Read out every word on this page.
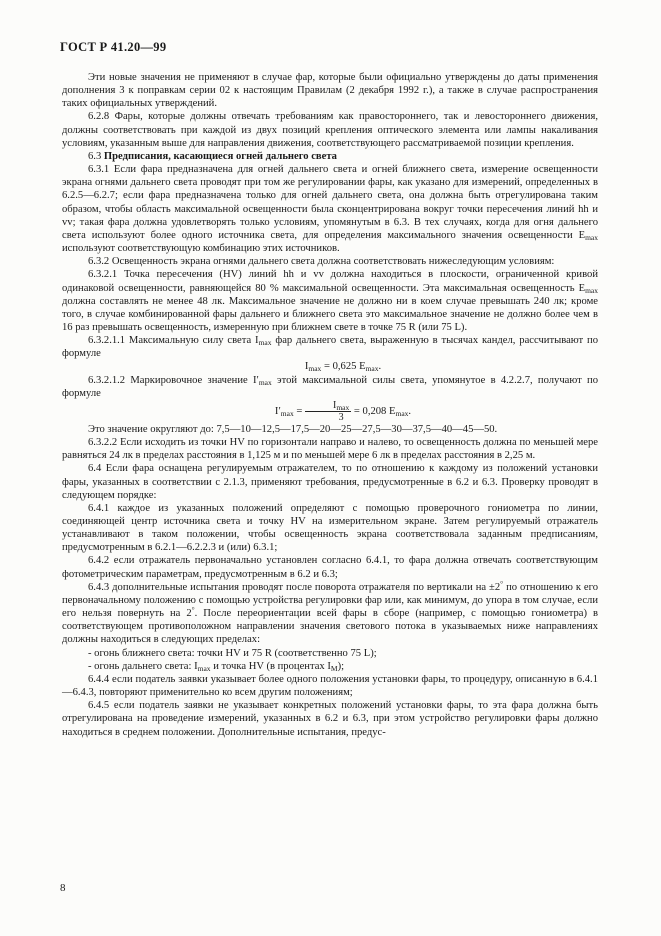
ГОСТ Р 41.20—99

Эти новые значения не применяют в случае фар, которые были официально утверждены до даты применения дополнения 3 к поправкам серии 02 к настоящим Правилам (2 декабря 1992 г.), а также в случае распространения таких официальных утверждений.

6.2.8 Фары, которые должны отвечать требованиям как правостороннего, так и левостороннего движения, должны соответствовать при каждой из двух позиций крепления оптического элемента или лампы накаливания условиям, указанным выше для направления движения, соответствующего рассматриваемой позиции крепления.

6.3 Предписания, касающиеся огней дальнего света

6.3.1 Если фара предназначена для огней дальнего света и огней ближнего света, измерение освещенности экрана огнями дальнего света проводят при том же регулировании фары, как указано для измерений, определенных в 6.2.5—6.2.7; если фара предназначена только для огней дальнего света, она должна быть отрегулирована таким образом, чтобы область максимальной освещенности была сконцентрирована вокруг точки пересечения линий hh и vv; такая фара должна удовлетворять только условиям, упомянутым в 6.3. В тех случаях, когда для огня дальнего света используют более одного источника света, для определения максимального значения освещенности $E_{max}$ используют соответствующую комбинацию этих источников.

6.3.2 Освещенность экрана огнями дальнего света должна соответствовать нижеследующим условиям:

6.3.2.1 Точка пересечения (HV) линий hh и vv должна находиться в плоскости, ограниченной кривой одинаковой освещенности, равняющейся 80 % максимальной освещенности. Эта максимальная освещенность $E_{max}$ должна составлять не менее 48 лк. Максимальное значение не должно ни в коем случае превышать 240 лк; кроме того, в случае комбинированной фары дальнего и ближнего света это максимальное значение не должно более чем в 16 раз превышать освещенность, измеренную при ближнем свете в точке 75 R (или 75 L).

6.3.2.1.1 Максимальную силу света $I_{max}$ фар дальнего света, выраженную в тысячах кандел, рассчитывают по формуле

$I_{max} = 0,625$ $E_{max}$.

6.3.2.1.2 Маркировочное значение $I'_{max}$ этой максимальной силы света, упомянутое в 4.2.2.7, получают по формуле

$I'_{max} = \frac{I_{max}}{3} = 0,208$ $E_{max}$.

Это значение округляют до: 7,5—10—12,5—17,5—20—25—27,5—30—37,5—40—45—50.

6.3.2.2 Если исходить из точки HV по горизонтали направо и налево, то освещенность должна по меньшей мере равняться 24 лк в пределах расстояния в 1,125 м и по меньшей мере 6 лк в пределах расстояния в 2,25 м.

6.4 Если фара оснащена регулируемым отражателем, то по отношению к каждому из положений установки фары, указанных в соответствии с 2.1.3, применяют требования, предусмотренные в 6.2 и 6.3. Проверку проводят в следующем порядке:

6.4.1 каждое из указанных положений определяют с помощью проверочного гониометра по линии, соединяющей центр источника света и точку HV на измерительном экране. Затем регулируемый отражатель устанавливают в таком положении, чтобы освещенность экрана соответствовала заданным предписаниям, предусмотренным в 6.2.1—6.2.2.3 и (или) 6.3.1;

6.4.2 если отражатель первоначально установлен согласно 6.4.1, то фара должна отвечать соответствующим фотометрическим параметрам, предусмотренным в 6.2 и 6.3;

6.4.3 дополнительные испытания проводят после поворота отражателя по вертикали на ±2° по отношению к его первоначальному положению с помощью устройства регулировки фар или, как минимум, до упора в том случае, если его нельзя повернуть на 2°. После переориентации всей фары в сборе (например, с помощью гониометра) в соответствующем противоположном направлении значения светового потока в указываемых ниже направлениях должны находиться в следующих пределах:

- огонь ближнего света: точки HV и 75 R (соответственно 75 L);

- огонь дальнего света: $I_{max}$ и точка HV (в процентах $I_M$);

6.4.4 если податель заявки указывает более одного положения установки фары, то процедуру, описанную в 6.4.1—6.4.3, повторяют применительно ко всем другим положениям;

6.4.5 если податель заявки не указывает конкретных положений установки фары, то эта фара должна быть отрегулирована на проведение измерений, указанных в 6.2 и 6.3, при этом устройство регулировки фары должно находиться в среднем положении. Дополнительные испытания, предус-

8
